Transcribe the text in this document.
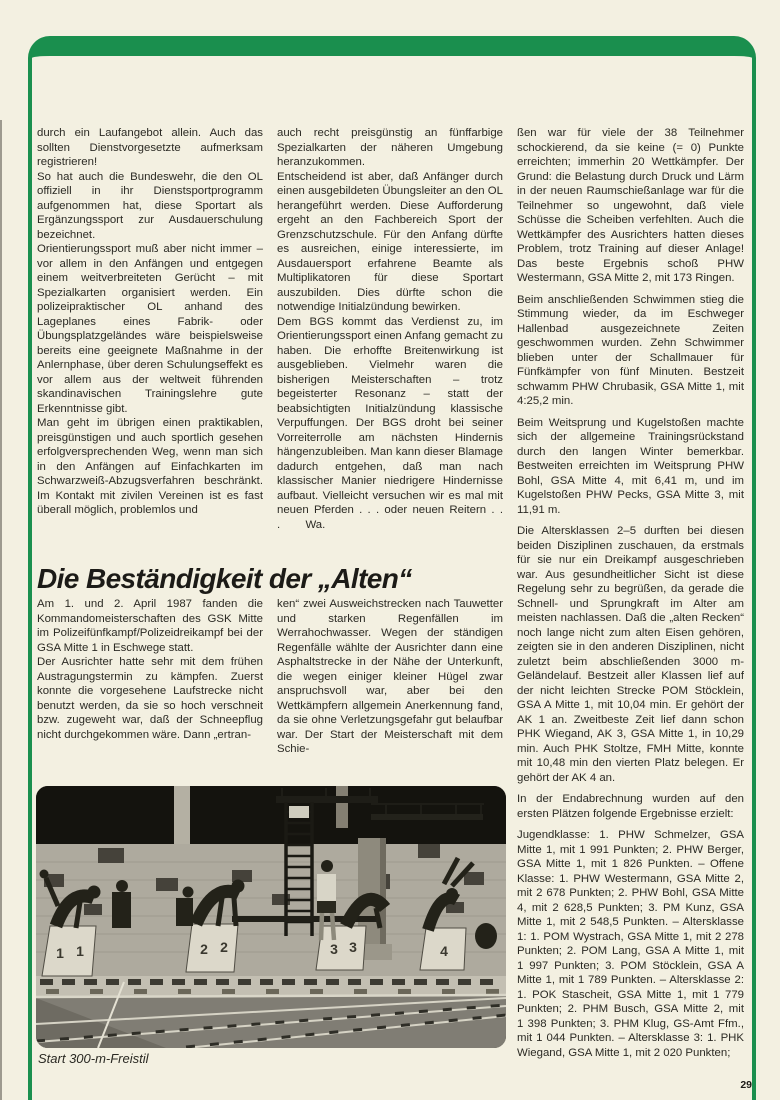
durch ein Laufangebot allein. Auch das sollten Dienstvorgesetzte aufmerksam registrieren!

So hat auch die Bundeswehr, die den OL offiziell in ihr Dienstsportprogramm aufgenommen hat, diese Sportart als Ergänzungssport zur Ausdauerschulung bezeichnet.

Orientierungssport muß aber nicht immer – vor allem in den Anfängen und entgegen einem weitverbreiteten Gerücht – mit Spezialkarten organisiert werden. Ein polizeipraktischer OL anhand des Lageplanes eines Fabrik- oder Übungsplatzgeländes wäre beispielsweise bereits eine geeignete Maßnahme in der Anlernphase, über deren Schulungseffekt es vor allem aus der weltweit führenden skandinavischen Trainingslehre gute Erkenntnisse gibt.

Man geht im übrigen einen praktikablen, preisgünstigen und auch sportlich gesehen erfolgversprechenden Weg, wenn man sich in den Anfängen auf Einfachkarten im Schwarzweiß-Abzugsverfahren beschränkt. Im Kontakt mit zivilen Vereinen ist es fast überall möglich, problemlos und

auch recht preisgünstig an fünffarbige Spezialkarten der näheren Umgebung heranzukommen.

Entscheidend ist aber, daß Anfänger durch einen ausgebildeten Übungsleiter an den OL herangeführt werden. Diese Aufforderung ergeht an den Fachbereich Sport der Grenzschutzschule. Für den Anfang dürfte es ausreichen, einige interessierte, im Ausdauersport erfahrene Beamte als Multiplikatoren für diese Sportart auszubilden. Dies dürfte schon die notwendige Initialzündung bewirken.

Dem BGS kommt das Verdienst zu, im Orientierungssport einen Anfang gemacht zu haben. Die erhoffte Breitenwirkung ist ausgeblieben. Vielmehr waren die bisherigen Meisterschaften – trotz begeisterter Resonanz – statt der beabsichtigten Initialzündung klassische Verpuffungen. Der BGS droht bei seiner Vorreiterrolle am nächsten Hindernis hängenzubleiben. Man kann dieser Blamage dadurch entgehen, daß man nach klassischer Manier niedrigere Hindernisse aufbaut. Vielleicht versuchen wir es mal mit neuen Pferden . . . oder neuen Reitern . . .        Wa.

ßen war für viele der 38 Teilnehmer schockierend, da sie keine (= 0) Punkte erreichten; immerhin 20 Wettkämpfer. Der Grund: die Belastung durch Druck und Lärm in der neuen Raumschießanlage war für die Teilnehmer so ungewohnt, daß viele Schüsse die Scheiben verfehlten. Auch die Wettkämpfer des Ausrichters hatten dieses Problem, trotz Training auf dieser Anlage! Das beste Ergebnis schoß PHW Westermann, GSA Mitte 2, mit 173 Ringen.

Beim anschließenden Schwimmen stieg die Stimmung wieder, da im Eschweger Hallenbad ausgezeichnete Zeiten geschwommen wurden. Zehn Schwimmer blieben unter der Schallmauer für Fünfkämpfer von fünf Minuten. Bestzeit schwamm PHW Chrubasik, GSA Mitte 1, mit 4:25,2 min.

Beim Weitsprung und Kugelstoßen machte sich der allgemeine Trainingsrückstand durch den langen Winter bemerkbar. Bestweiten erreichten im Weitsprung PHW Bohl, GSA Mitte 4, mit 6,41 m, und im Kugelstoßen PHW Pecks, GSA Mitte 3, mit 11,91 m.

Die Altersklassen 2–5 durften bei diesen beiden Disziplinen zuschauen, da erstmals für sie nur ein Dreikampf ausgeschrieben war. Aus gesundheitlicher Sicht ist diese Regelung sehr zu begrüßen, da gerade die Schnell- und Sprungkraft im Alter am meisten nachlassen. Daß die „alten Recken“ noch lange nicht zum alten Eisen gehören, zeigten sie in den anderen Disziplinen, nicht zuletzt beim abschließenden 3000 m-Geländelauf. Bestzeit aller Klassen lief auf der nicht leichten Strecke POM Stöcklein, GSA A Mitte 1, mit 10,04 min. Er gehört der AK 1 an. Zweitbeste Zeit lief dann schon PHK Wiegand, AK 3, GSA Mitte 1, in 10,29 min. Auch PHK Stoltze, FMH Mitte, konnte mit 10,48 min den vierten Platz belegen. Er gehört der AK 4 an.

In der Endabrechnung wurden auf den ersten Plätzen folgende Ergebnisse erzielt:

Jugendklasse: 1. PHW Schmelzer, GSA Mitte 1, mit 1 991 Punkten; 2. PHW Berger, GSA Mitte 1, mit 1 826 Punkten. – Offene Klasse: 1. PHW Westermann, GSA Mitte 2, mit 2 678 Punkten; 2. PHW Bohl, GSA Mitte 4, mit 2 628,5 Punkten; 3. PM Kunz, GSA Mitte 1, mit 2 548,5 Punkten. – Altersklasse 1: 1. POM Wystrach, GSA Mitte 1, mit 2 278 Punkten; 2. POM Lang, GSA A Mitte 1, mit 1 997 Punkten; 3. POM Stöcklein, GSA A Mitte 1, mit 1 789 Punkten. – Altersklasse 2: 1. POK Stascheit, GSA Mitte 1, mit 1 779 Punkten; 2. PHM Busch, GSA Mitte 2, mit 1 398 Punkten; 3. PHM Klug, GS-Amt Ffm., mit 1 044 Punkten. – Altersklasse 3: 1. PHK Wiegand, GSA Mitte 1, mit 2 020 Punkten;

Die Beständigkeit der „Alten“

Am 1. und 2. April 1987 fanden die Kommandomeisterschaften des GSK Mitte im Polizeifünfkampf/Polizeidreikampf bei der GSA Mitte 1 in Eschwege statt.

Der Ausrichter hatte sehr mit dem frühen Austragungstermin zu kämpfen. Zuerst konnte die vorgesehene Laufstrecke nicht benutzt werden, da sie so hoch verschneit bzw. zugeweht war, daß der Schneepflug nicht durchgekommen wäre. Dann „ertran-

ken“ zwei Ausweichstrecken nach Tauwetter und starken Regenfällen im Werrahochwasser. Wegen der ständigen Regenfälle wählte der Ausrichter dann eine Asphaltstrecke in der Nähe der Unterkunft, die wegen einiger kleiner Hügel zwar anspruchsvoll war, aber bei den Wettkämpfern allgemein Anerkennung fand, da sie ohne Verletzungsgefahr gut belaufbar war. Der Start der Meisterschaft mit dem Schie-

1 1	2 2	3 3	4
Start 300-m-Freistil
29
